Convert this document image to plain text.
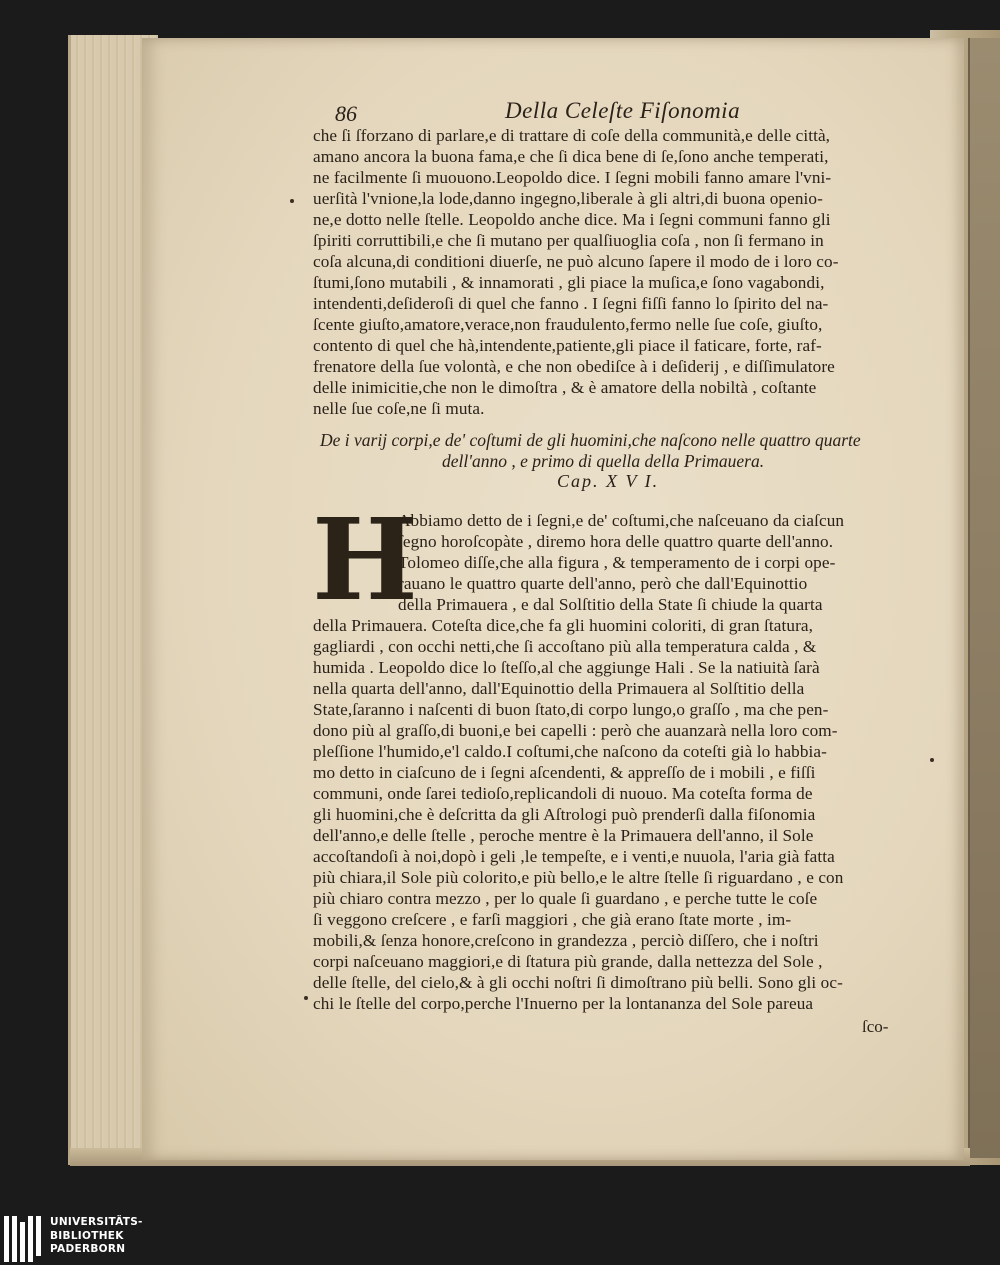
86	Della Celeſte Fiſonomia
che ſi ſforzano di parlare,e di trattare di coſe della communità,e delle città,
amano ancora la buona fama,e che ſi dica bene di ſe,ſono anche temperati,
ne facilmente ſi muouono.Leopoldo dice. I ſegni mobili fanno amare l'vni-
uerſità l'vnione,la lode,danno ingegno,liberale à gli altri,di buona openio-
ne,e dotto nelle ſtelle. Leopoldo anche dice. Ma i ſegni communi fanno gli
ſpiriti corruttibili,e che ſi mutano per qualſiuoglia coſa , non ſi fermano in
coſa alcuna,di conditioni diuerſe, ne può alcuno ſapere il modo de i loro co-
ſtumi,ſono mutabili , & innamorati , gli piace la muſica,e ſono vagabondi,
intendenti,deſideroſi di quel che fanno . I ſegni fiſſi fanno lo ſpirito del na-
ſcente giuſto,amatore,verace,non fraudulento,fermo nelle ſue coſe, giuſto,
contento di quel che hà,intendente,patiente,gli piace il faticare, forte, raf-
frenatore della ſue volontà, e che non obediſce à i deſiderij , e diſſimulatore
delle inimicitie,che non le dimoſtra , & è amatore della nobiltà , coſtante
nelle ſue coſe,ne ſi muta.
De i varij corpi,e de' coſtumi de gli huomini,che naſcono nelle quattro quarte
dell'anno , e primo di quella della Primauera.
Cap. X V I.
H
Abbiamo detto de i ſegni,e de' coſtumi,che naſceuano da ciaſcun
ſegno horoſcopàte , diremo hora delle quattro quarte dell'anno.
Tolomeo diſſe,che alla figura , & temperamento de i corpi ope-
rauano le quattro quarte dell'anno, però che dall'Equinottio
della Primauera , e dal Solſtitio della State ſi chiude la quarta
della Primauera. Coteſta dice,che fa gli huomini coloriti, di gran ſtatura,
gagliardi , con occhi netti,che ſi accoſtano più alla temperatura calda , &
humida . Leopoldo dice lo ſteſſo,al che aggiunge Hali . Se la natiuità ſarà
nella quarta dell'anno, dall'Equinottio della Primauera al Solſtitio della
State,ſaranno i naſcenti di buon ſtato,di corpo lungo,o graſſo , ma che pen-
dono più al graſſo,di buoni,e bei capelli : però che auanzarà nella loro com-
pleſſione l'humido,e'l caldo.I coſtumi,che naſcono da coteſti già lo habbia-
mo detto in ciaſcuno de i ſegni aſcendenti, & appreſſo de i mobili , e fiſſi
communi, onde ſarei tedioſo,replicandoli di nuouo. Ma coteſta forma de
gli huomini,che è deſcritta da gli Aſtrologi può prenderſi dalla fiſonomia
dell'anno,e delle ſtelle , peroche mentre è la Primauera dell'anno, il Sole
accoſtandoſi à noi,dopò i geli ,le tempeſte, e i venti,e nuuola, l'aria già fatta
più chiara,il Sole più colorito,e più bello,e le altre ſtelle ſi riguardano , e con
più chiaro contra mezzo , per lo quale ſi guardano , e perche tutte le coſe
ſi veggono creſcere , e farſi maggiori , che già erano ſtate morte , im-
mobili,& ſenza honore,creſcono in grandezza , perciò diſſero, che i noſtri
corpi naſceuano maggiori,e di ſtatura più grande, dalla nettezza del Sole ,
delle ſtelle, del cielo,& à gli occhi noſtri ſi dimoſtrano più belli. Sono gli oc-
chi le ſtelle del corpo,perche l'Inuerno per la lontananza del Sole pareua
ſco-
UNIVERSITÄTS-
BIBLIOTHEK
PADERBORN
